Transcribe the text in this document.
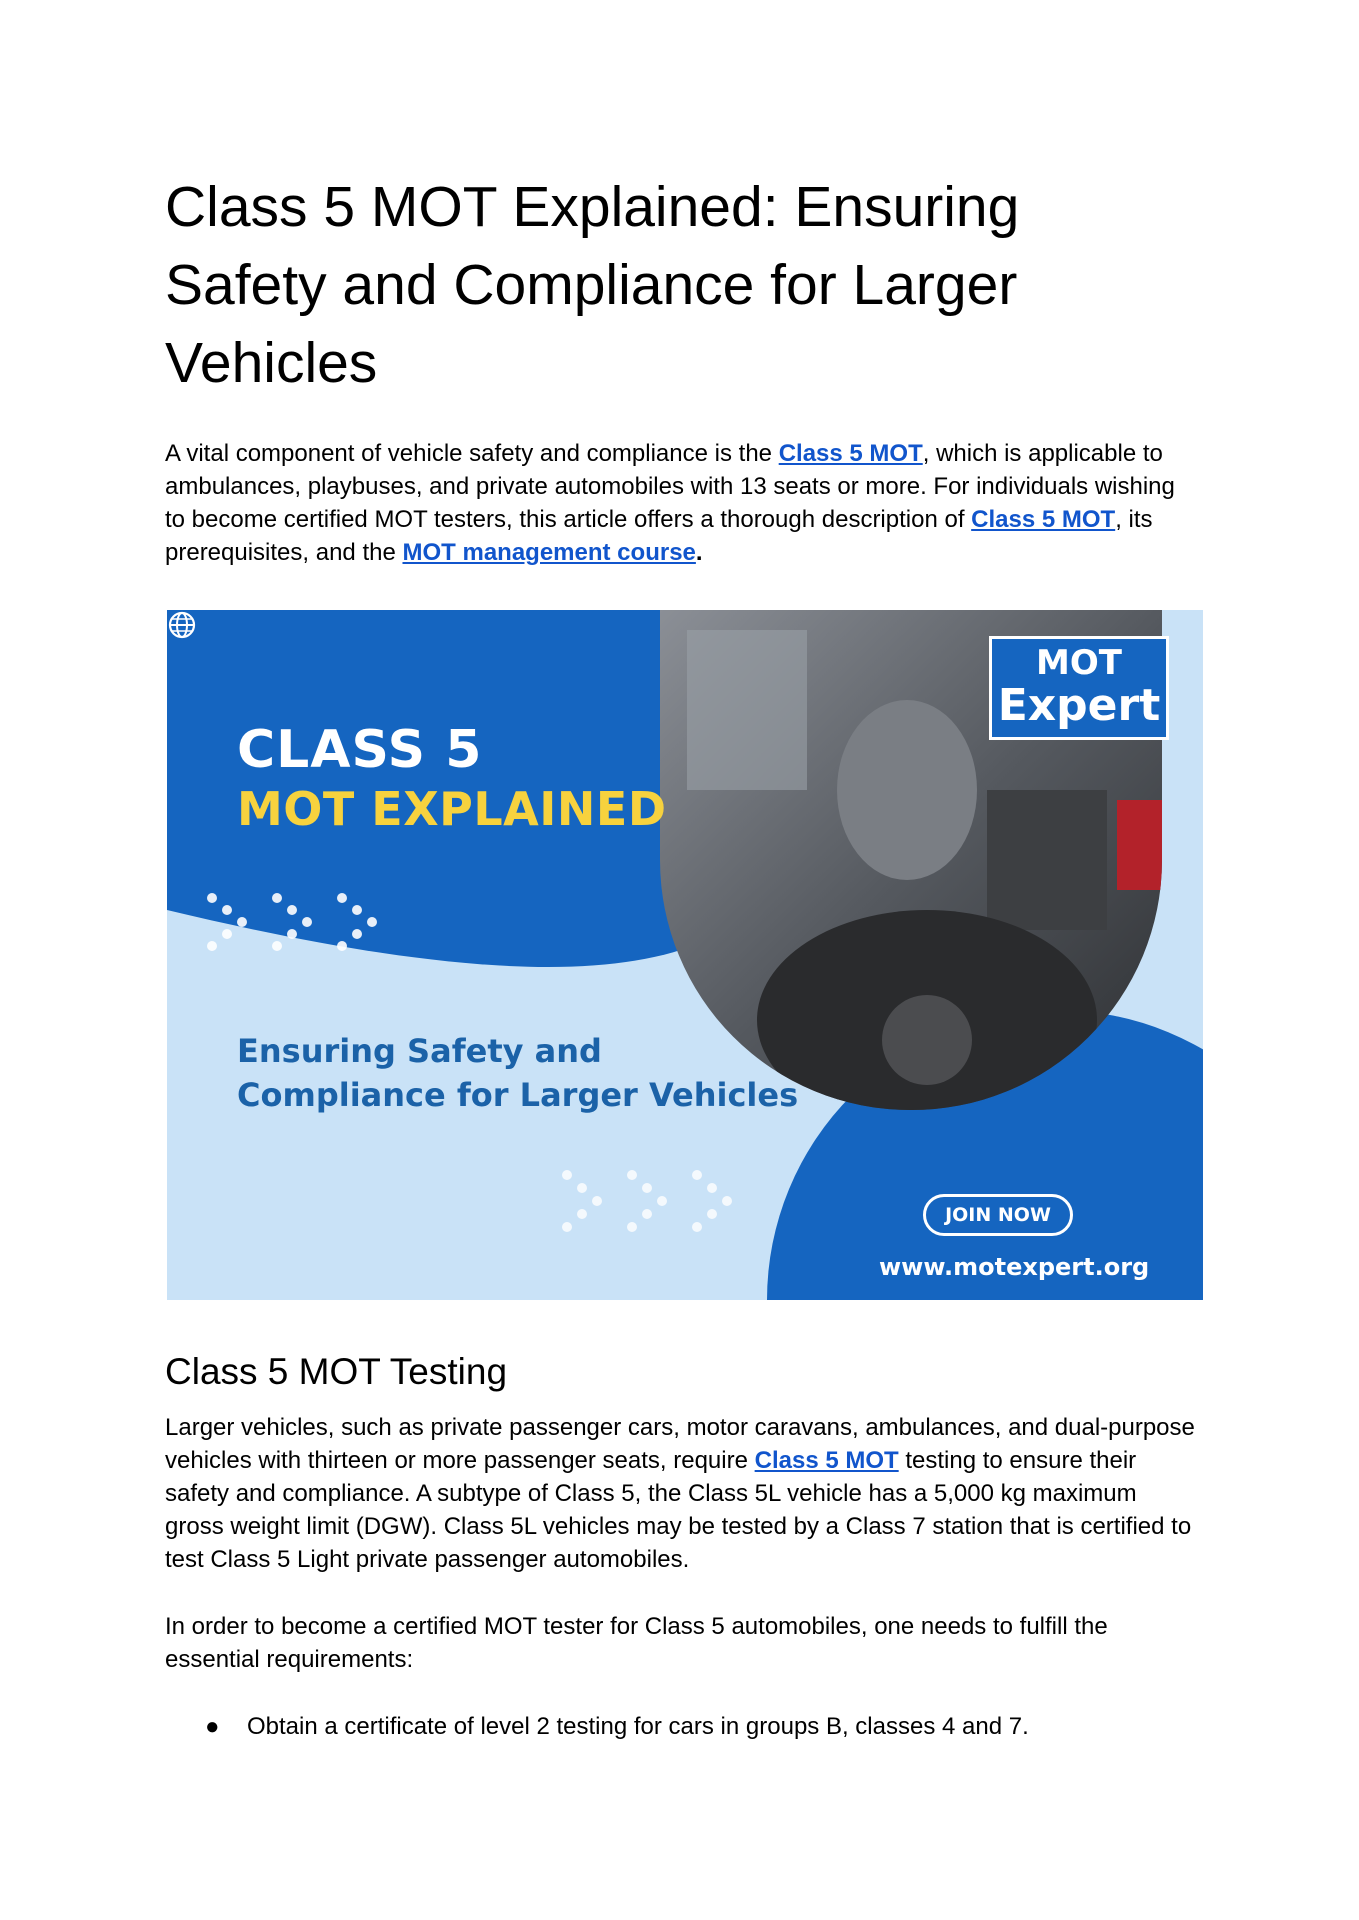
Class 5 MOT Explained: Ensuring Safety and Compliance for Larger Vehicles

A vital component of vehicle safety and compliance is the Class 5 MOT, which is applicable to ambulances, playbuses, and private automobiles with 13 seats or more. For individuals wishing to become certified MOT testers, this article offers a thorough description of Class 5 MOT, its prerequisites, and the MOT management course.

Class 5 MOT Testing

Larger vehicles, such as private passenger cars, motor caravans, ambulances, and dual-purpose vehicles with thirteen or more passenger seats, require Class 5 MOT testing to ensure their safety and compliance. A subtype of Class 5, the Class 5L vehicle has a 5,000 kg maximum gross weight limit (DGW). Class 5L vehicles may be tested by a Class 7 station that is certified to test Class 5 Light private passenger automobiles.

In order to become a certified MOT tester for Class 5 automobiles, one needs to fulfill the essential requirements:

● Obtain a certificate of level 2 testing for cars in groups B, classes 4 and 7.
CLASS 5
MOT EXPLAINED
Ensuring Safety and
Compliance for Larger Vehicles
MOT
Expert
JOIN NOW
www.motexpert.org
